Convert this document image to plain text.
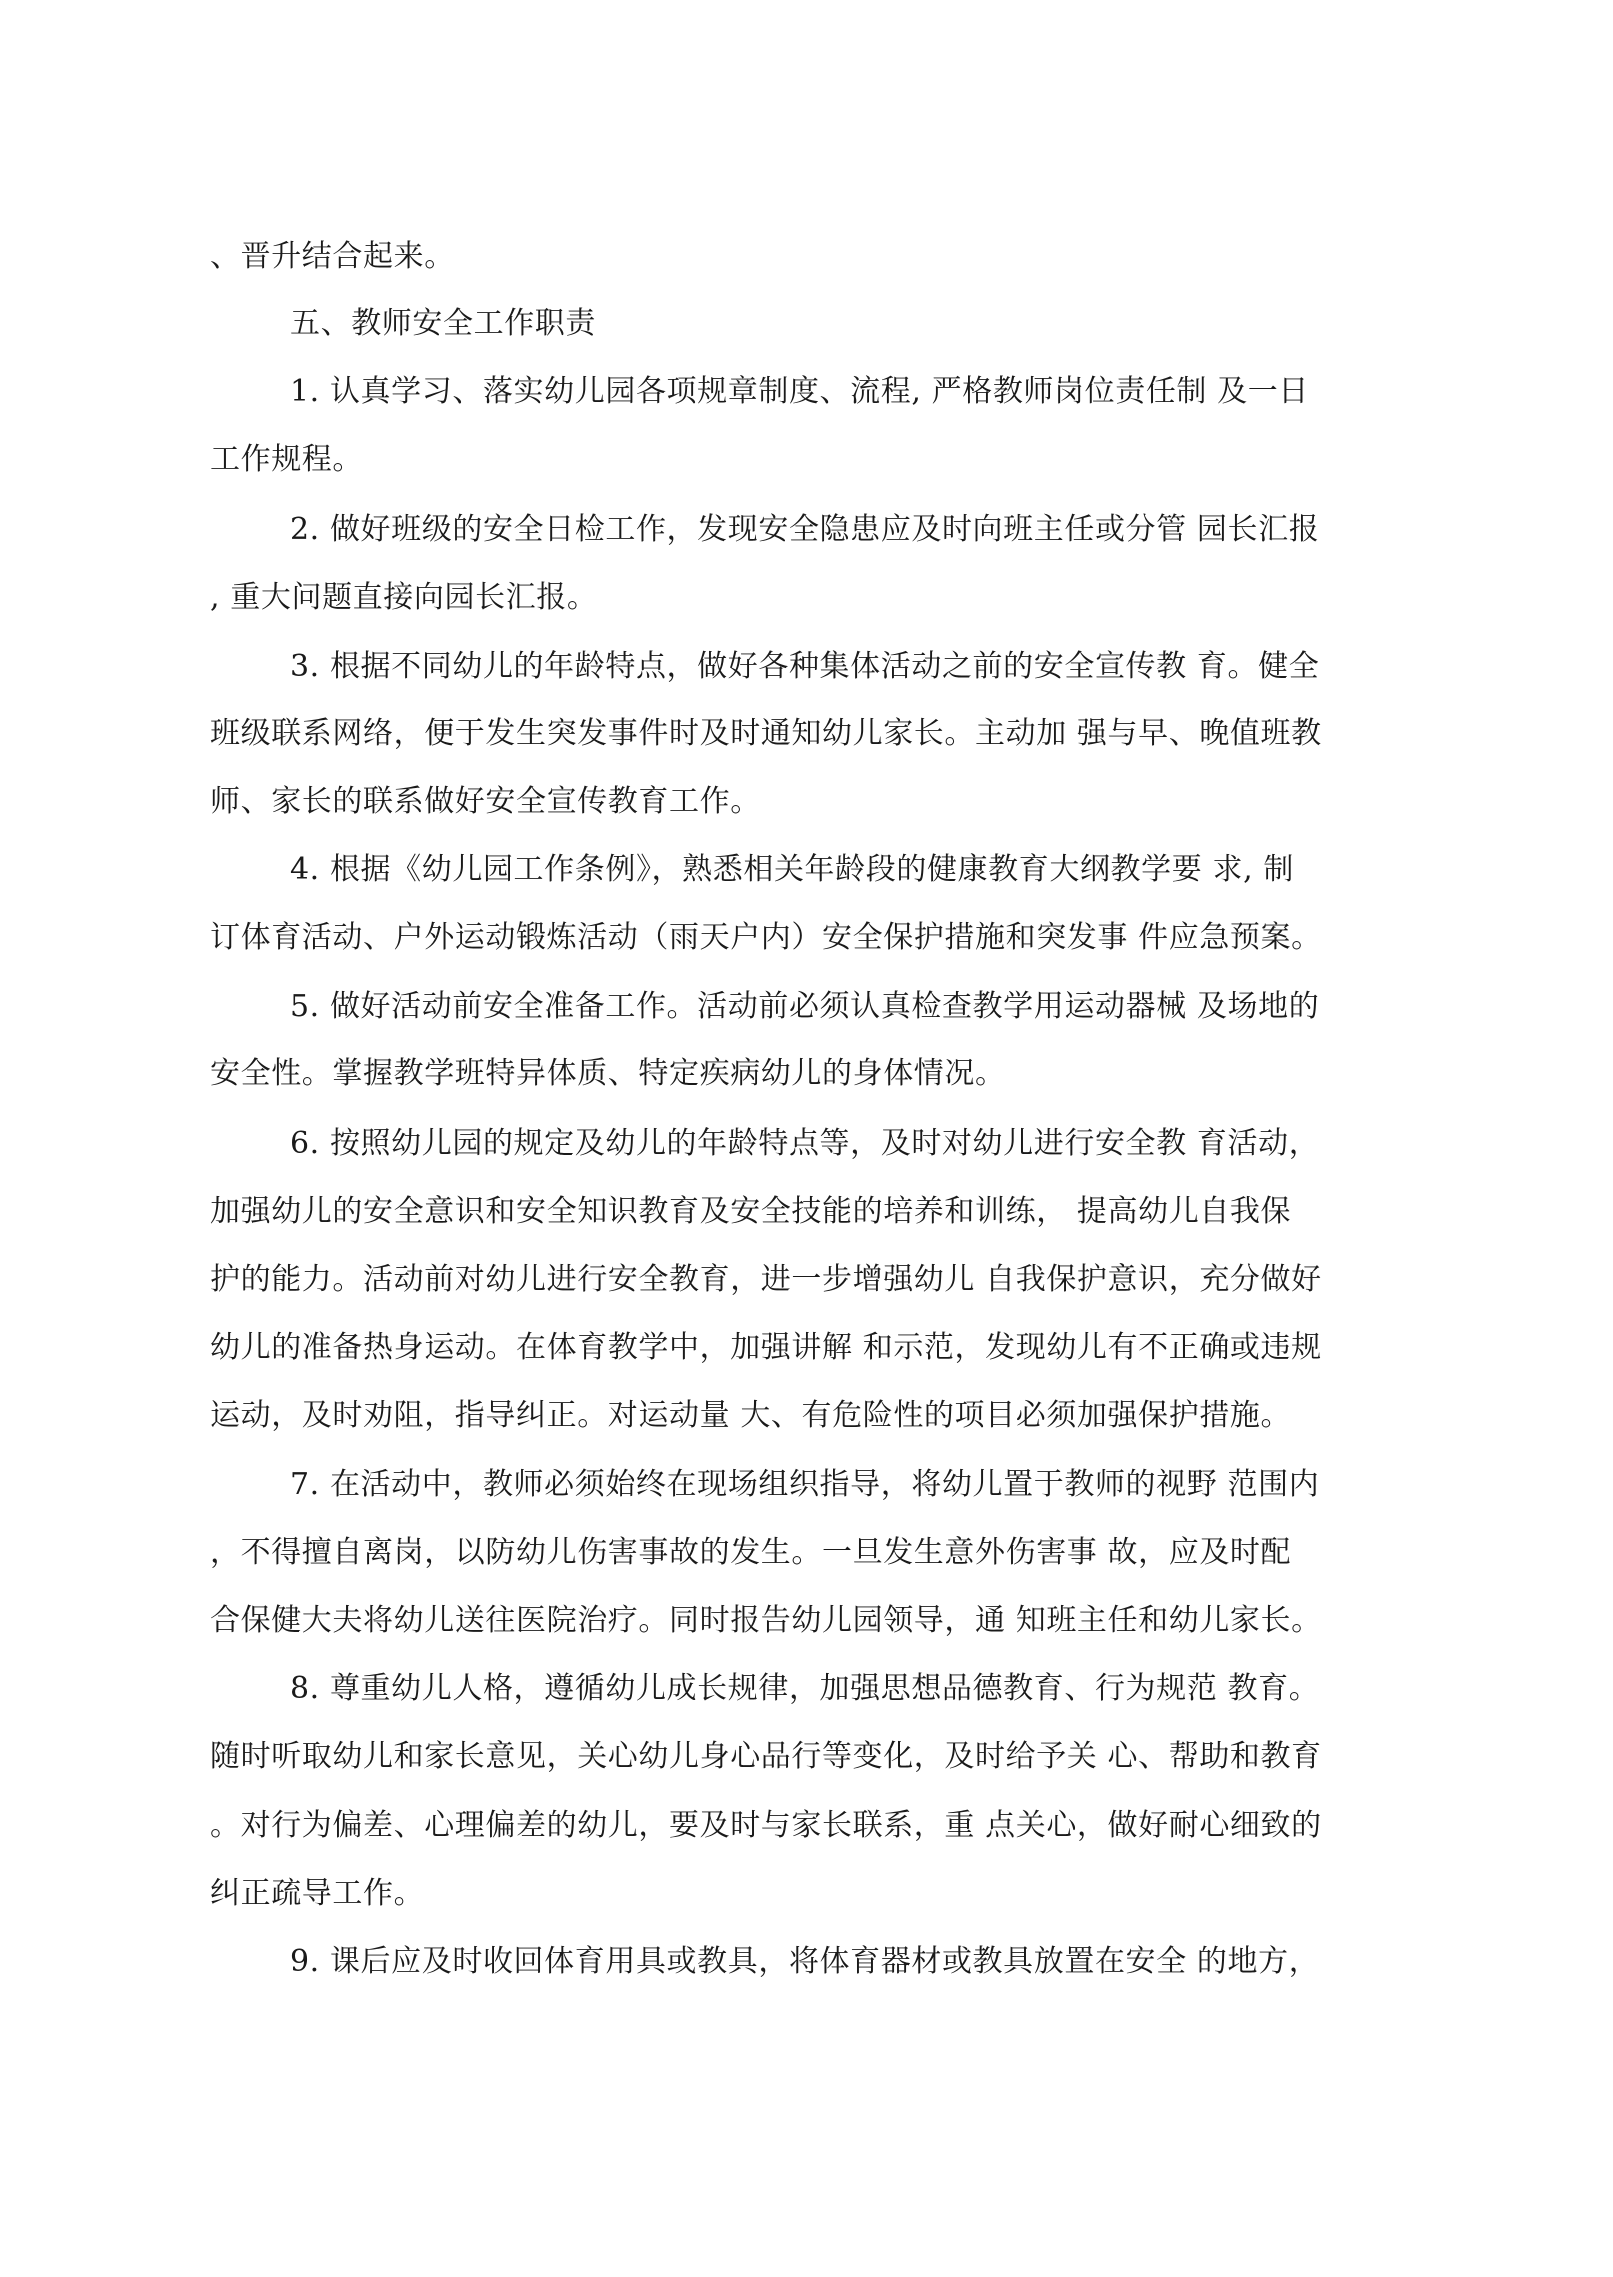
、晋升结合起来。
五、教师安全工作职责
1. 认真学习、落实幼儿园各项规章制度、流程, 严格教师岗位责任制 及一日
工作规程。
2. 做好班级的安全日检工作，发现安全隐患应及时向班主任或分管 园长汇报
, 重大问题直接向园长汇报。
3. 根据不同幼儿的年龄特点，做好各种集体活动之前的安全宣传教 育。健全
班级联系网络，便于发生突发事件时及时通知幼儿家长。主动加 强与早、晚值班教
师、家长的联系做好安全宣传教育工作。
4. 根据《幼儿园工作条例》，熟悉相关年龄段的健康教育大纲教学要 求, 制
订体育活动、户外运动锻炼活动（雨天户内）安全保护措施和突发事 件应急预案。
5. 做好活动前安全准备工作。活动前必须认真检查教学用运动器械 及场地的
安全性。掌握教学班特异体质、特定疾病幼儿的身体情况。
6. 按照幼儿园的规定及幼儿的年龄特点等，及时对幼儿进行安全教 育活动，
加强幼儿的安全意识和安全知识教育及安全技能的培养和训练， 提高幼儿自我保
护的能力。活动前对幼儿进行安全教育，进一步增强幼儿 自我保护意识，充分做好
幼儿的准备热身运动。在体育教学中，加强讲解 和示范，发现幼儿有不正确或违规
运动，及时劝阻，指导纠正。对运动量 大、有危险性的项目必须加强保护措施。
7. 在活动中，教师必须始终在现场组织指导，将幼儿置于教师的视野 范围内
，不得擅自离岗，以防幼儿伤害事故的发生。一旦发生意外伤害事 故，应及时配
合保健大夫将幼儿送往医院治疗。同时报告幼儿园领导，通 知班主任和幼儿家长。
8. 尊重幼儿人格，遵循幼儿成长规律，加强思想品德教育、行为规范 教育。
随时听取幼儿和家长意见，关心幼儿身心品行等变化，及时给予关 心、帮助和教育
。对行为偏差、心理偏差的幼儿，要及时与家长联系，重 点关心，做好耐心细致的
纠正疏导工作。
9. 课后应及时收回体育用具或教具，将体育器材或教具放置在安全 的地方，
